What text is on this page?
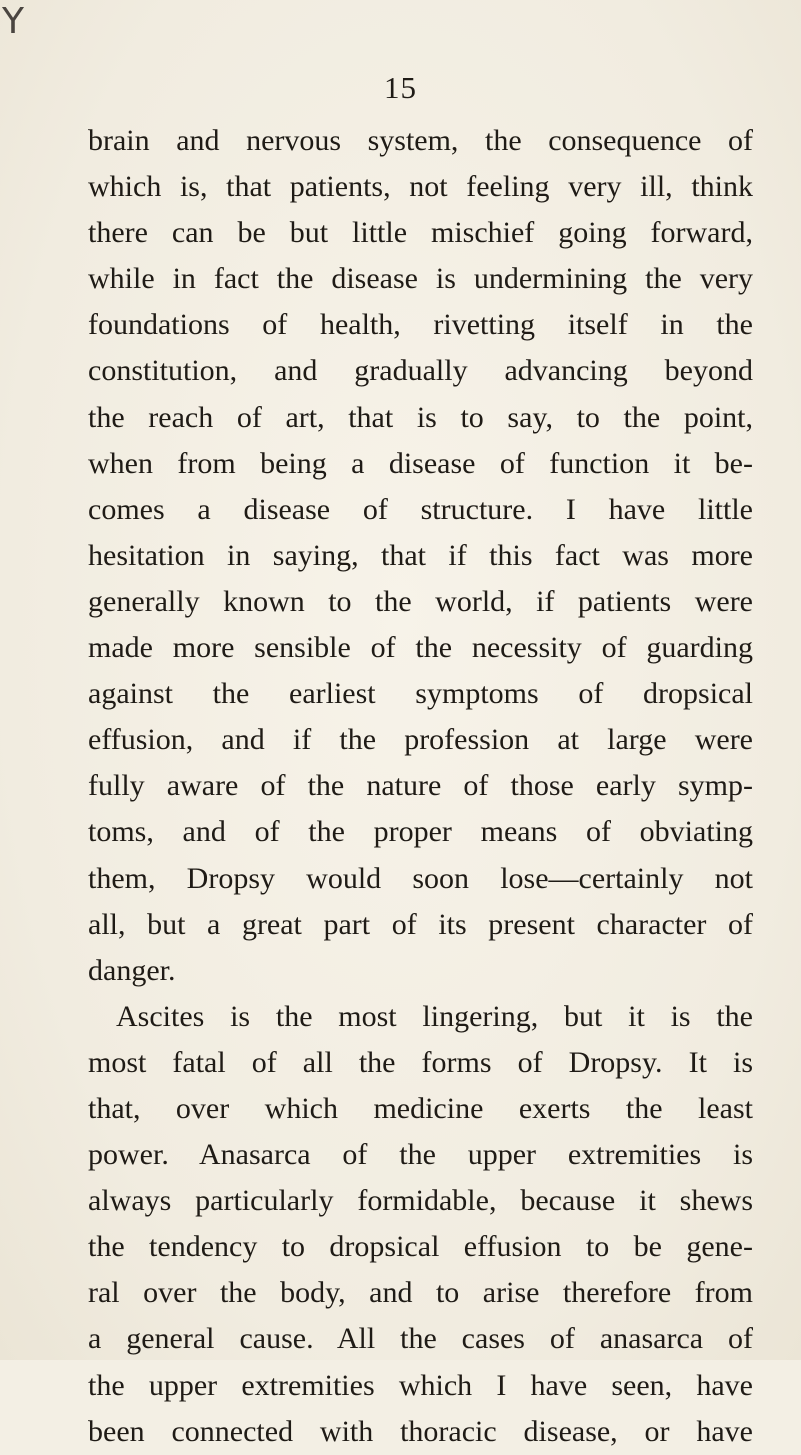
Y
15
brain and nervous system, the consequence of
which is, that patients, not feeling very ill, think
there can be but little mischief going forward,
while in fact the disease is undermining the very
foundations of health, rivetting itself in the
constitution, and gradually advancing beyond
the reach of art, that is to say, to the point,
when from being a disease of function it be-
comes a disease of structure. I have little
hesitation in saying, that if this fact was more
generally known to the world, if patients were
made more sensible of the necessity of guarding
against the earliest symptoms of dropsical
effusion, and if the profession at large were
fully aware of the nature of those early symp-
toms, and of the proper means of obviating
them, Dropsy would soon lose—certainly not
all, but a great part of its present character of
danger.
Ascites is the most lingering, but it is the
most fatal of all the forms of Dropsy. It is
that, over which medicine exerts the least
power. Anasarca of the upper extremities is
always particularly formidable, because it shews
the tendency to dropsical effusion to be gene-
ral over the body, and to arise therefore from
a general cause. All the cases of anasarca of
the upper extremities which I have seen, have
been connected with thoracic disease, or have
